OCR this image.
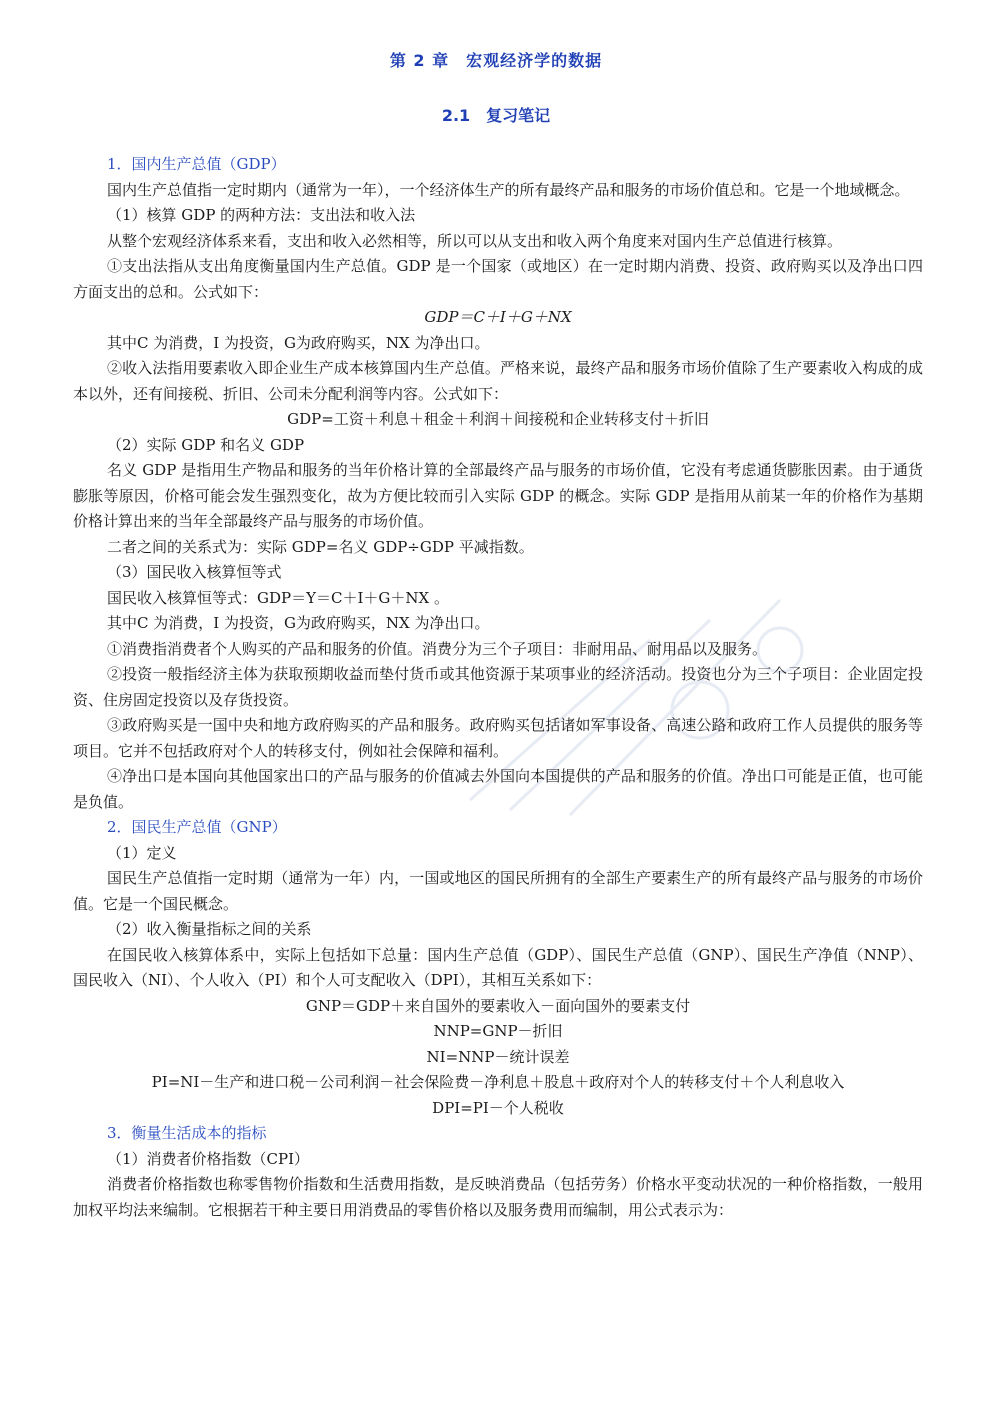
第 2 章　宏观经济学的数据
2.1　复习笔记

1．国内生产总值（GDP）

国内生产总值指一定时期内（通常为一年），一个经济体生产的所有最终产品和服务的市场价值总和。它是一个地域概念。

（1）核算 GDP 的两种方法：支出法和收入法

从整个宏观经济体系来看，支出和收入必然相等，所以可以从支出和收入两个角度来对国内生产总值进行核算。

①支出法指从支出角度衡量国内生产总值。GDP 是一个国家（或地区）在一定时期内消费、投资、政府购买以及净出口四方面支出的总和。公式如下：

GDP＝C＋I＋G＋NX

其中C 为消费，I 为投资，G为政府购买，NX 为净出口。

②收入法指用要素收入即企业生产成本核算国内生产总值。严格来说，最终产品和服务市场价值除了生产要素收入构成的成本以外，还有间接税、折旧、公司未分配利润等内容。公式如下：

GDP=工资＋利息＋租金＋利润＋间接税和企业转移支付＋折旧

（2）实际 GDP 和名义 GDP

名义 GDP 是指用生产物品和服务的当年价格计算的全部最终产品与服务的市场价值，它没有考虑通货膨胀因素。由于通货膨胀等原因，价格可能会发生强烈变化，故为方便比较而引入实际 GDP 的概念。实际 GDP 是指用从前某一年的价格作为基期价格计算出来的当年全部最终产品与服务的市场价值。

二者之间的关系式为：实际 GDP=名义 GDP÷GDP 平减指数。

（3）国民收入核算恒等式

国民收入核算恒等式：GDP＝Y＝C＋I＋G＋NX 。

其中C 为消费，I 为投资，G为政府购买，NX 为净出口。

①消费指消费者个人购买的产品和服务的价值。消费分为三个子项目：非耐用品、耐用品以及服务。

②投资一般指经济主体为获取预期收益而垫付货币或其他资源于某项事业的经济活动。投资也分为三个子项目：企业固定投资、住房固定投资以及存货投资。

③政府购买是一国中央和地方政府购买的产品和服务。政府购买包括诸如军事设备、高速公路和政府工作人员提供的服务等项目。它并不包括政府对个人的转移支付，例如社会保障和福利。

④净出口是本国向其他国家出口的产品与服务的价值减去外国向本国提供的产品和服务的价值。净出口可能是正值，也可能是负值。

2．国民生产总值（GNP）

（1）定义

国民生产总值指一定时期（通常为一年）内，一国或地区的国民所拥有的全部生产要素生产的所有最终产品与服务的市场价值。它是一个国民概念。

（2）收入衡量指标之间的关系

在国民收入核算体系中，实际上包括如下总量：国内生产总值（GDP）、国民生产总值（GNP）、国民生产净值（NNP）、国民收入（NI）、个人收入（PI）和个人可支配收入（DPI），其相互关系如下：

GNP＝GDP＋来自国外的要素收入－面向国外的要素支付

NNP=GNP－折旧

NI=NNP－统计误差

PI=NI－生产和进口税－公司利润－社会保险费－净利息＋股息＋政府对个人的转移支付＋个人利息收入

DPI=PI－个人税收

3．衡量生活成本的指标

（1）消费者价格指数（CPI）

消费者价格指数也称零售物价指数和生活费用指数，是反映消费品（包括劳务）价格水平变动状况的一种价格指数，一般用加权平均法来编制。它根据若干种主要日用消费品的零售价格以及服务费用而编制，用公式表示为：
